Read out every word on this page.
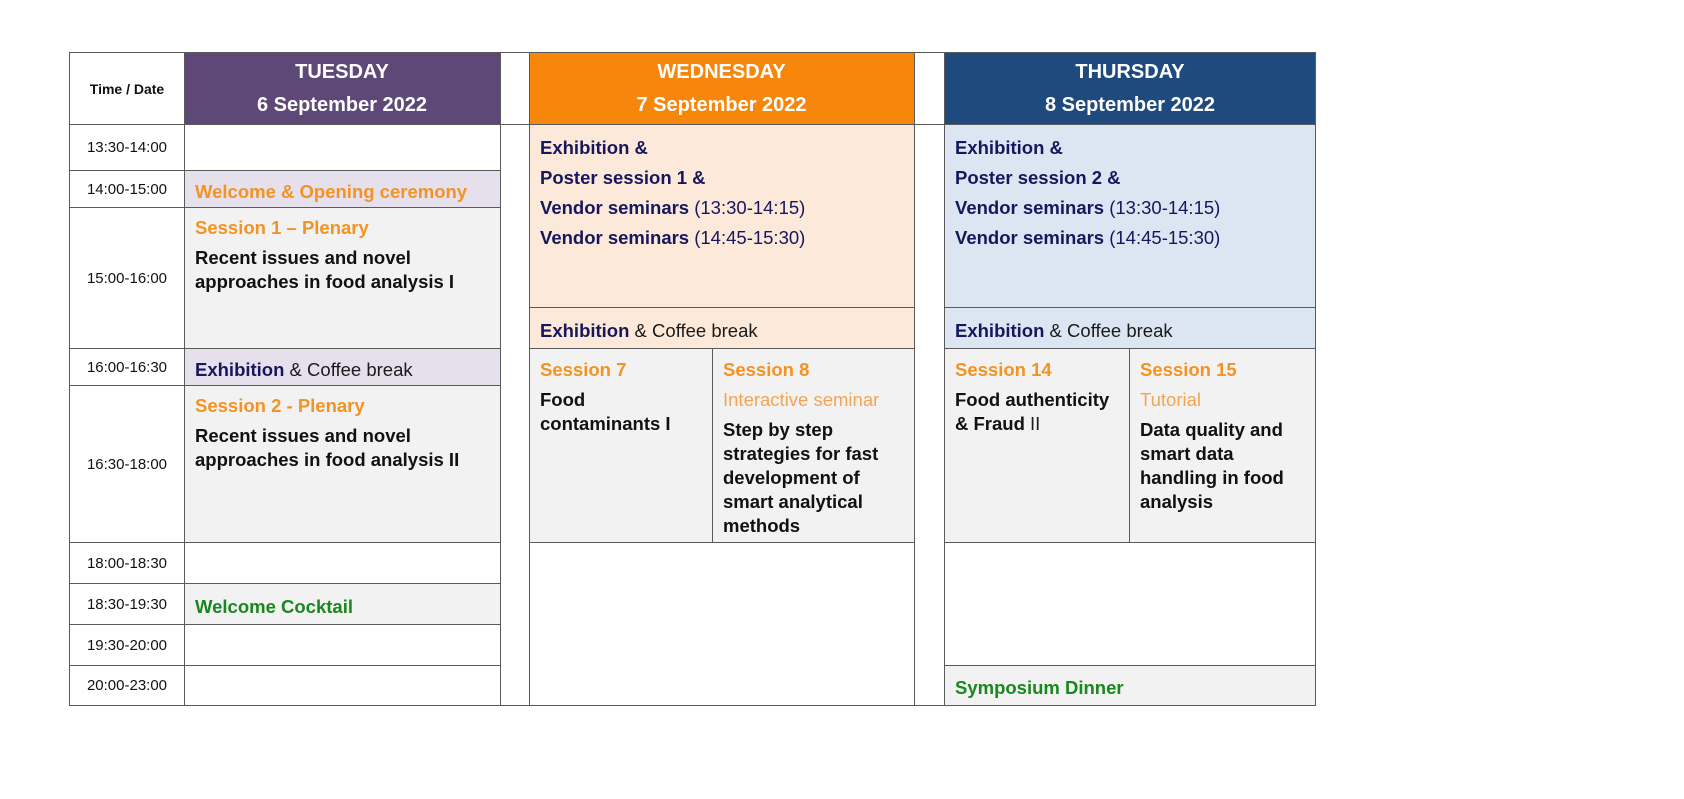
TUESDAY
6 September 2022
WEDNESDAY
7 September 2022
THURSDAY
8 September 2022
Time / Date
13:30-14:00
14:00-15:00
15:00-16:00
16:00-16:30
16:30-18:00
18:00-18:30
18:30-19:30
19:30-20:00
20:00-23:00
Welcome & Opening ceremony
Session 1 – Plenary
Recent issues and novel approaches in food analysis I
Exhibition & Coffee break
Session 2 - Plenary
Recent issues and novel approaches in food analysis II
Welcome Cocktail
Exhibition &
Poster session 1 &
Vendor seminars (13:30-14:15)
Vendor seminars (14:45-15:30)
Exhibition & Coffee break
Session 7
Food contaminants I
Session 8
Interactive seminar
Step by step strategies for fast development of smart analytical methods
Exhibition &
Poster session 2 &
Vendor seminars (13:30-14:15)
Vendor seminars (14:45-15:30)
Exhibition & Coffee break
Session 14
Food authenticity & Fraud II
Session 15
Tutorial
Data quality and smart data handling in food analysis
Symposium Dinner
